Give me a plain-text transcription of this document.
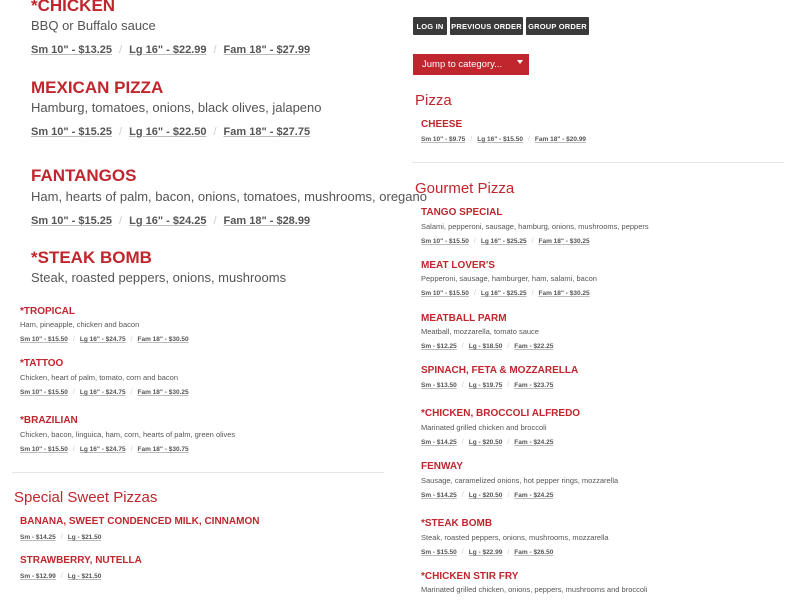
*CHICKEN
BBQ or Buffalo sauce
Sm 10" - $13.25 / Lg 16" - $22.99 / Fam 18" - $27.99
MEXICAN PIZZA
Hamburg, tomatoes, onions, black olives, jalapeno
Sm 10" - $15.25 / Lg 16" - $22.50 / Fam 18" - $27.75
FANTANGOS
Ham, hearts of palm, bacon, onions, tomatoes, mushrooms, oregano
Sm 10" - $15.25 / Lg 16" - $24.25 / Fam 18" - $28.99
*STEAK BOMB
Steak, roasted peppers, onions, mushrooms
*TROPICAL
Ham, pineapple, chicken and bacon
Sm 10" - $15.50 / Lg 16" - $24.75 / Fam 18" - $30.50
*TATTOO
Chicken, heart of palm, tomato, corn and bacon
Sm 10" - $15.50 / Lg 16" - $24.75 / Fam 18" - $30.25
*BRAZILIAN
Chicken, bacon, linguica, ham, corn, hearts of palm, green olives
Sm 10" - $15.50 / Lg 16" - $24.75 / Fam 18" - $30.75
Special Sweet Pizzas
BANANA, SWEET CONDENCED MILK, CINNAMON
Sm - $14.25 / Lg - $21.50
STRAWBERRY, NUTELLA
Sm - $12.99 / Lg - $21.50
LOG IN	PREVIOUS ORDER GROUP ORDER
Jump to category...
Pizza
CHEESE
Sm 10" - $9.75 / Lg 16" - $15.50 / Fam 18" - $20.99
Gourmet Pizza
TANGO SPECIAL
Salami, pepperoni, sausage, hamburg, onions, mushrooms, peppers
Sm 10" - $15.50 / Lg 16" - $25.25 / Fam 18" - $30.25
MEAT LOVER'S
Pepperoni, sausage, hamburger, ham, salami, bacon
Sm 10" - $15.50 / Lg 16" - $25.25 / Fam 18" - $30.25
MEATBALL PARM
Meatball, mozzarella, tomato sauce
Sm - $12.25 / Lg - $18.50 / Fam - $22.25
SPINACH, FETA & MOZZARELLA
Sm - $13.50 / Lg - $19.75 / Fam - $23.75
*CHICKEN, BROCCOLI ALFREDO
Marinated grilled chicken and broccoli
Sm - $14.25 / Lg - $20.50 / Fam - $24.25
FENWAY
Sausage, caramelized onions, hot pepper rings, mozzarella
Sm - $14.25 / Lg - $20.50 / Fam - $24.25
*STEAK BOMB
Steak, roasted peppers, onions, mushrooms, mozzarella
Sm - $15.50 / Lg - $22.99 / Fam - $26.50
*CHICKEN STIR FRY
Marinated grilled chicken, onions, peppers, mushrooms and broccoli
